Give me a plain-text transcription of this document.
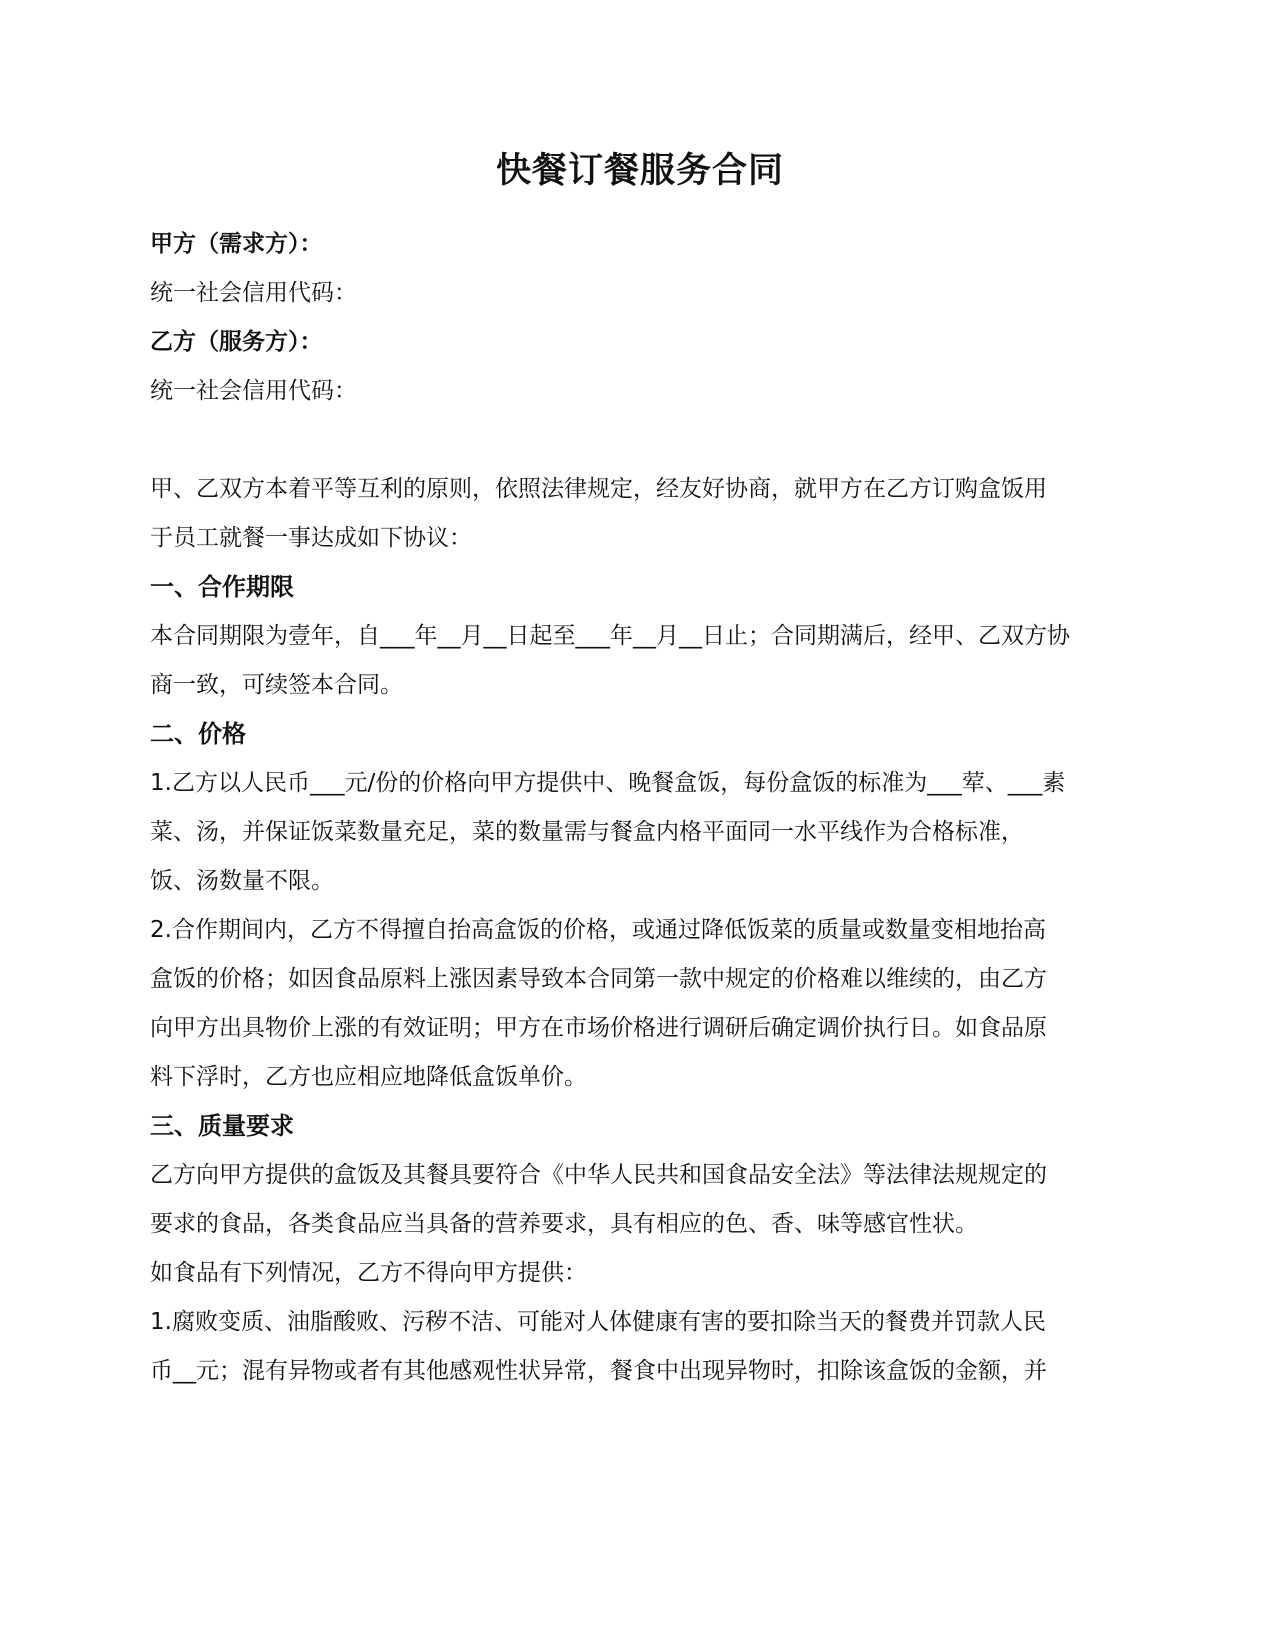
快餐订餐服务合同
甲方（需求方）：
统一社会信用代码：
乙方（服务方）：
统一社会信用代码：
甲、乙双方本着平等互利的原则，依照法律规定，经友好协商，就甲方在乙方订购盒饭用
于员工就餐一事达成如下协议：
一、合作期限
本合同期限为壹年，自___年__月__日起至___年__月__日止；合同期满后，经甲、乙双方协
商一致，可续签本合同。
二、价格
1.乙方以人民币___元/份的价格向甲方提供中、晚餐盒饭，每份盒饭的标准为___荤、___素
菜、汤，并保证饭菜数量充足，菜的数量需与餐盒内格平面同一水平线作为合格标准，
饭、汤数量不限。
2.合作期间内，乙方不得擅自抬高盒饭的价格，或通过降低饭菜的质量或数量变相地抬高
盒饭的价格；如因食品原料上涨因素导致本合同第一款中规定的价格难以维续的，由乙方
向甲方出具物价上涨的有效证明；甲方在市场价格进行调研后确定调价执行日。如食品原
料下浮时，乙方也应相应地降低盒饭单价。
三、质量要求
乙方向甲方提供的盒饭及其餐具要符合《中华人民共和国食品安全法》等法律法规规定的
要求的食品，各类食品应当具备的营养要求，具有相应的色、香、味等感官性状。
如食品有下列情况，乙方不得向甲方提供：
1.腐败变质、油脂酸败、污秽不洁、可能对人体健康有害的要扣除当天的餐费并罚款人民
币__元；混有异物或者有其他感观性状异常，餐食中出现异物时，扣除该盒饭的金额，并
